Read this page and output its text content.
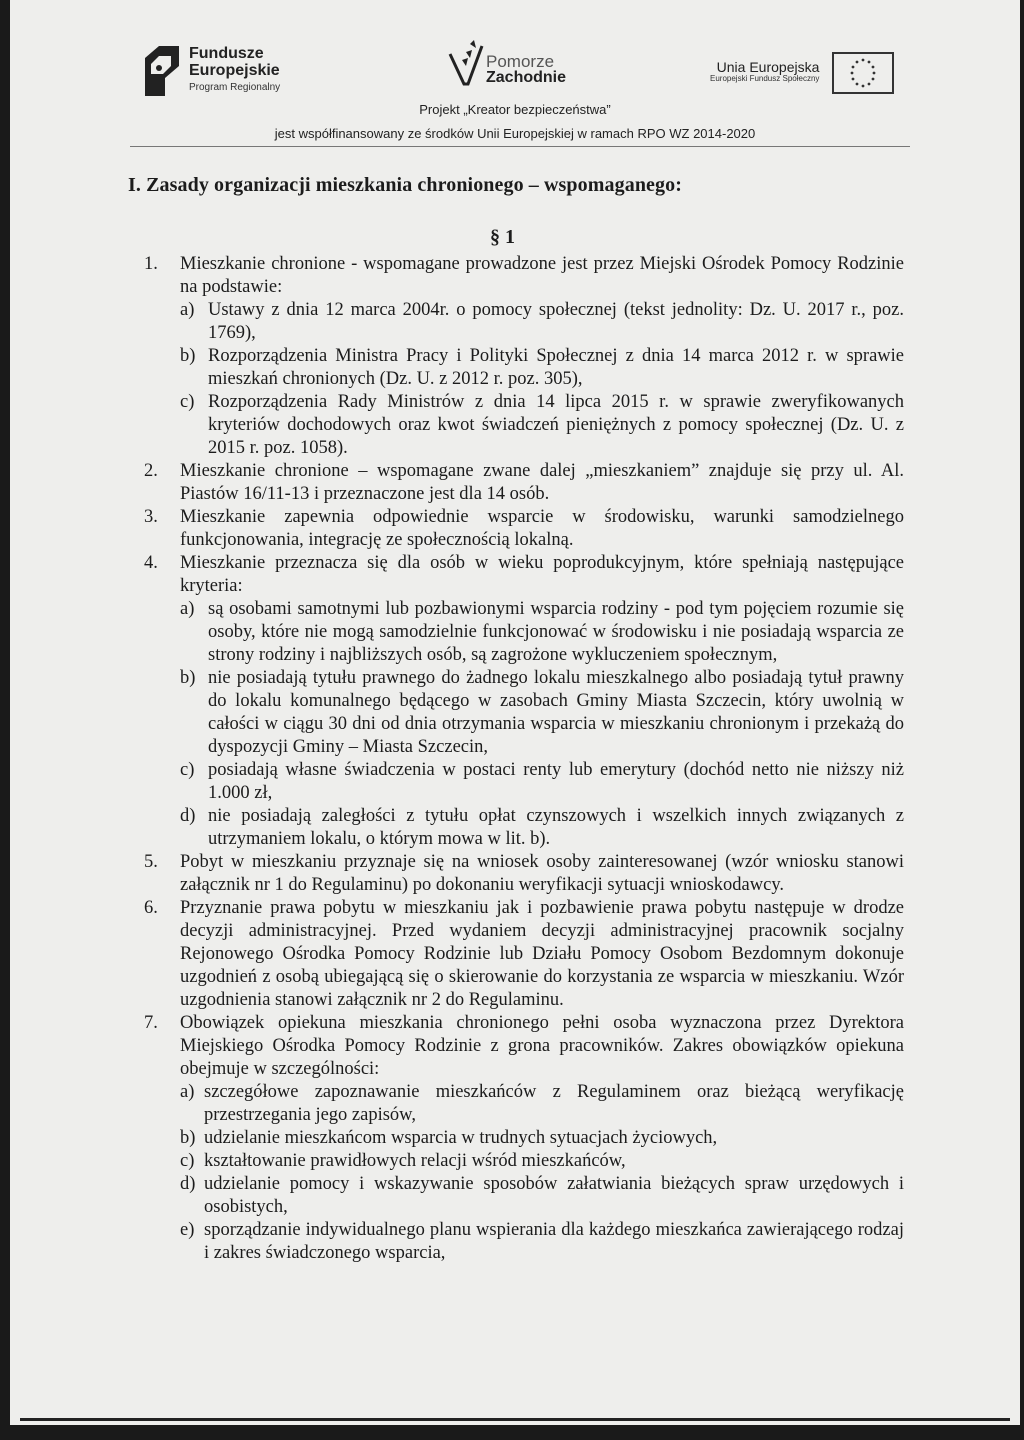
Fundusze
Europejskie
Program Regionalny
Pomorze
Zachodnie
Unia Europejska
Europejski Fundusz Społeczny
Projekt „Kreator bezpieczeństwa”
jest współfinansowany ze środków Unii Europejskiej w ramach RPO WZ 2014-2020
I. Zasady organizacji mieszkania chronionego – wspomaganego:
§ 1
1. Mieszkanie chronione - wspomagane prowadzone jest przez Miejski Ośrodek Pomocy Rodzinie na podstawie:
a) Ustawy z dnia 12 marca 2004r. o pomocy społecznej (tekst jednolity: Dz. U. 2017 r., poz. 1769),
b) Rozporządzenia Ministra Pracy i Polityki Społecznej z dnia 14 marca 2012 r. w sprawie mieszkań chronionych (Dz. U. z 2012 r. poz. 305),
c) Rozporządzenia Rady Ministrów z dnia 14 lipca 2015 r. w sprawie zweryfikowanych kryteriów dochodowych oraz kwot świadczeń pieniężnych z pomocy społecznej (Dz. U. z 2015 r. poz. 1058).
2. Mieszkanie chronione – wspomagane zwane dalej „mieszkaniem” znajduje się przy ul. Al. Piastów 16/11-13 i przeznaczone jest dla 14 osób.
3. Mieszkanie zapewnia odpowiednie wsparcie w środowisku, warunki samodzielnego funkcjonowania, integrację ze społecznością lokalną.
4. Mieszkanie przeznacza się dla osób w wieku poprodukcyjnym, które spełniają następujące kryteria:
a) są osobami samotnymi lub pozbawionymi wsparcia rodziny - pod tym pojęciem rozumie się osoby, które nie mogą samodzielnie funkcjonować w środowisku i nie posiadają wsparcia ze strony rodziny i najbliższych osób, są zagrożone wykluczeniem społecznym,
b) nie posiadają tytułu prawnego do żadnego lokalu mieszkalnego albo posiadają tytuł prawny do lokalu komunalnego będącego w zasobach Gminy Miasta Szczecin, który uwolnią w całości w ciągu 30 dni od dnia otrzymania wsparcia w mieszkaniu chronionym i przekażą do dyspozycji Gminy – Miasta Szczecin,
c) posiadają własne świadczenia w postaci renty lub emerytury (dochód netto nie niższy niż 1.000 zł,
d) nie posiadają zaległości z tytułu opłat czynszowych i wszelkich innych związanych z utrzymaniem lokalu, o którym mowa w lit. b).
5. Pobyt w mieszkaniu przyznaje się na wniosek osoby zainteresowanej (wzór wniosku stanowi załącznik nr 1 do Regulaminu) po dokonaniu weryfikacji sytuacji wnioskodawcy.
6. Przyznanie prawa pobytu w mieszkaniu jak i pozbawienie prawa pobytu następuje w drodze decyzji administracyjnej. Przed wydaniem decyzji administracyjnej pracownik socjalny Rejonowego Ośrodka Pomocy Rodzinie lub Działu Pomocy Osobom Bezdomnym dokonuje uzgodnień z osobą ubiegającą się o skierowanie do korzystania ze wsparcia w mieszkaniu. Wzór uzgodnienia stanowi załącznik nr 2 do Regulaminu.
7. Obowiązek opiekuna mieszkania chronionego pełni osoba wyznaczona przez Dyrektora Miejskiego Ośrodka Pomocy Rodzinie z grona pracowników. Zakres obowiązków opiekuna obejmuje w szczególności:
a) szczegółowe zapoznawanie mieszkańców z Regulaminem oraz bieżącą weryfikację przestrzegania jego zapisów,
b) udzielanie mieszkańcom wsparcia w trudnych sytuacjach życiowych,
c) kształtowanie prawidłowych relacji wśród mieszkańców,
d) udzielanie pomocy i wskazywanie sposobów załatwiania bieżących spraw urzędowych i osobistych,
e) sporządzanie indywidualnego planu wspierania dla każdego mieszkańca zawierającego rodzaj i zakres świadczonego wsparcia,
